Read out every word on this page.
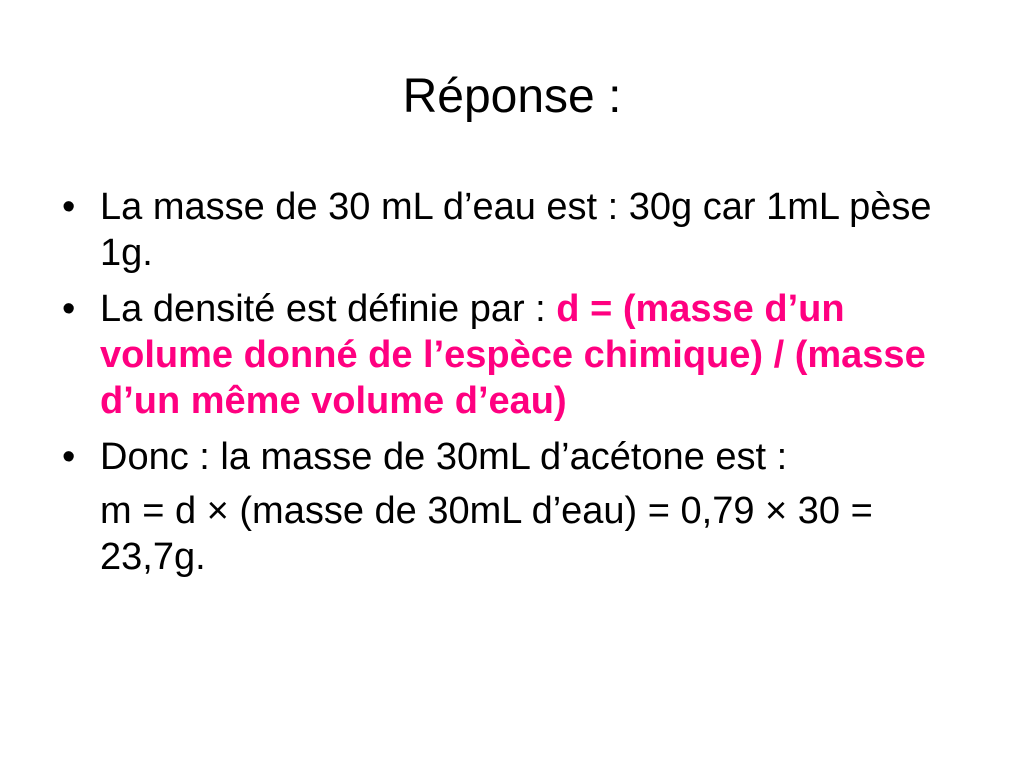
Réponse :
• La masse de 30 mL d’eau est : 30g car 1mL pèse 1g.
• La densité est définie par : d = (masse d’un volume donné de l’espèce chimique) / (masse d’un même volume d’eau)
• Donc : la masse de 30mL d’acétone est :
m = d × (masse de 30mL d’eau) = 0,79 × 30 = 23,7g.
